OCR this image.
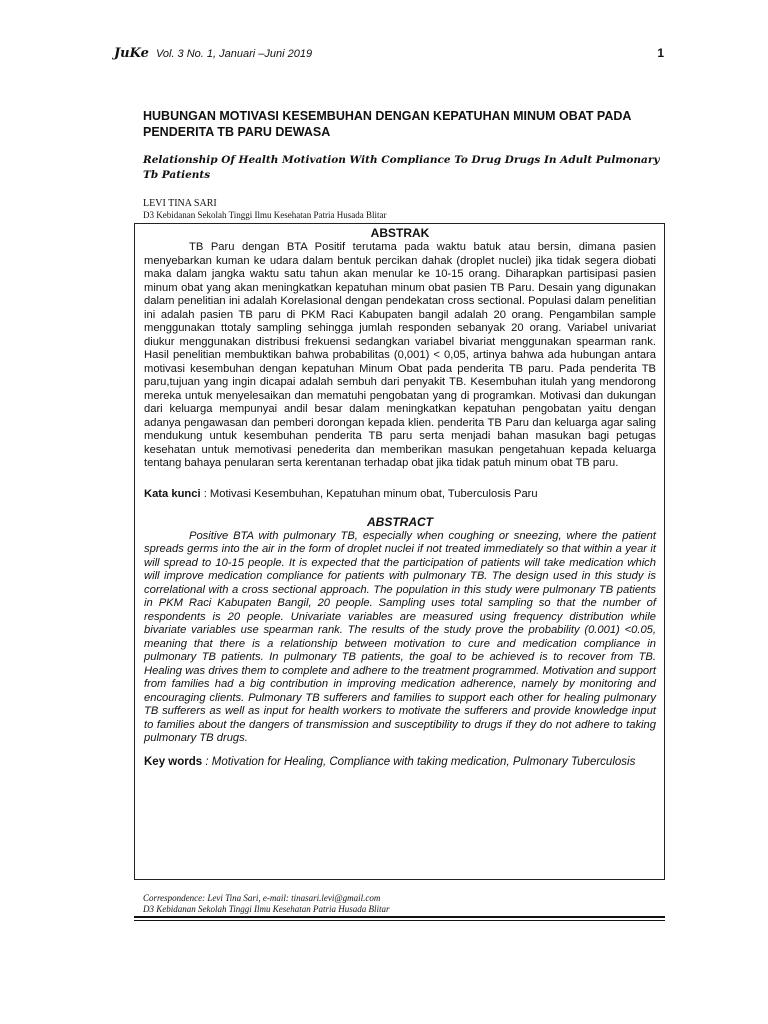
JuKe Vol. 3 No. 1, Januari –Juni 2019	1
HUBUNGAN MOTIVASI KESEMBUHAN DENGAN KEPATUHAN MINUM OBAT PADA PENDERITA TB PARU DEWASA
Relationship Of Health Motivation With Compliance To Drug Drugs In Adult Pulmonary Tb Patients
LEVI TINA SARI
D3 Kebidanan Sekolah Tinggi Ilmu Kesehatan Patria Husada Blitar

ABSTRAK

TB Paru dengan BTA Positif terutama pada waktu batuk atau bersin, dimana pasien menyebarkan kuman ke udara dalam bentuk percikan dahak (droplet nuclei) jika tidak segera diobati maka dalam jangka waktu satu tahun akan menular ke 10-15 orang. Diharapkan partisipasi pasien minum obat yang akan meningkatkan kepatuhan minum obat pasien TB Paru. Desain yang digunakan dalam penelitian ini adalah Korelasional dengan pendekatan cross sectional. Populasi dalam penelitian ini adalah pasien TB paru di PKM Raci Kabupaten bangil adalah 20 orang. Pengambilan sample menggunakan ttotaly sampling sehingga jumlah responden sebanyak 20 orang. Variabel univariat diukur menggunakan distribusi frekuensi sedangkan variabel bivariat menggunakan spearman rank. Hasil penelitian membuktikan bahwa probabilitas (0,001) < 0,05, artinya bahwa ada hubungan antara motivasi kesembuhan dengan kepatuhan Minum Obat pada penderita TB paru. Pada penderita TB paru,tujuan yang ingin dicapai adalah sembuh dari penyakit TB. Kesembuhan itulah yang mendorong mereka untuk menyelesaikan dan mematuhi pengobatan yang di programkan. Motivasi dan dukungan dari keluarga mempunyai andil besar dalam meningkatkan kepatuhan pengobatan yaitu dengan adanya pengawasan dan pemberi dorongan kepada klien. penderita TB Paru dan keluarga agar saling mendukung untuk kesembuhan penderita TB paru serta menjadi bahan masukan bagi petugas kesehatan untuk memotivasi penederita dan memberikan masukan pengetahuan kepada keluarga tentang bahaya penularan serta kerentanan terhadap obat jika tidak patuh minum obat TB paru.

Kata kunci : Motivasi Kesembuhan, Kepatuhan minum obat, Tuberculosis Paru

ABSTRACT

Positive BTA with pulmonary TB, especially when coughing or sneezing, where the patient spreads germs into the air in the form of droplet nuclei if not treated immediately so that within a year it will spread to 10-15 people. It is expected that the participation of patients will take medication which will improve medication compliance for patients with pulmonary TB. The design used in this study is correlational with a cross sectional approach. The population in this study were pulmonary TB patients in PKM Raci Kabupaten Bangil, 20 people. Sampling uses total sampling so that the number of respondents is 20 people. Univariate variables are measured using frequency distribution while bivariate variables use spearman rank. The results of the study prove the probability (0.001) <0.05, meaning that there is a relationship between motivation to cure and medication compliance in pulmonary TB patients. In pulmonary TB patients, the goal to be achieved is to recover from TB. Healing was drives them to complete and adhere to the treatment programmed. Motivation and support from families had a big contribution in improving medication adherence, namely by monitoring and encouraging clients. Pulmonary TB sufferers and families to support each other for healing pulmonary TB sufferers as well as input for health workers to motivate the sufferers and provide knowledge input to families about the dangers of transmission and susceptibility to drugs if they do not adhere to taking pulmonary TB drugs.

Key words : Motivation for Healing, Compliance with taking medication, Pulmonary Tuberculosis

Correspondence: Levi Tina Sari, e-mail: tinasari.levi@gmail.com
D3 Kebidanan Sekolah Tinggi Ilmu Kesehatan Patria Husada Blitar
